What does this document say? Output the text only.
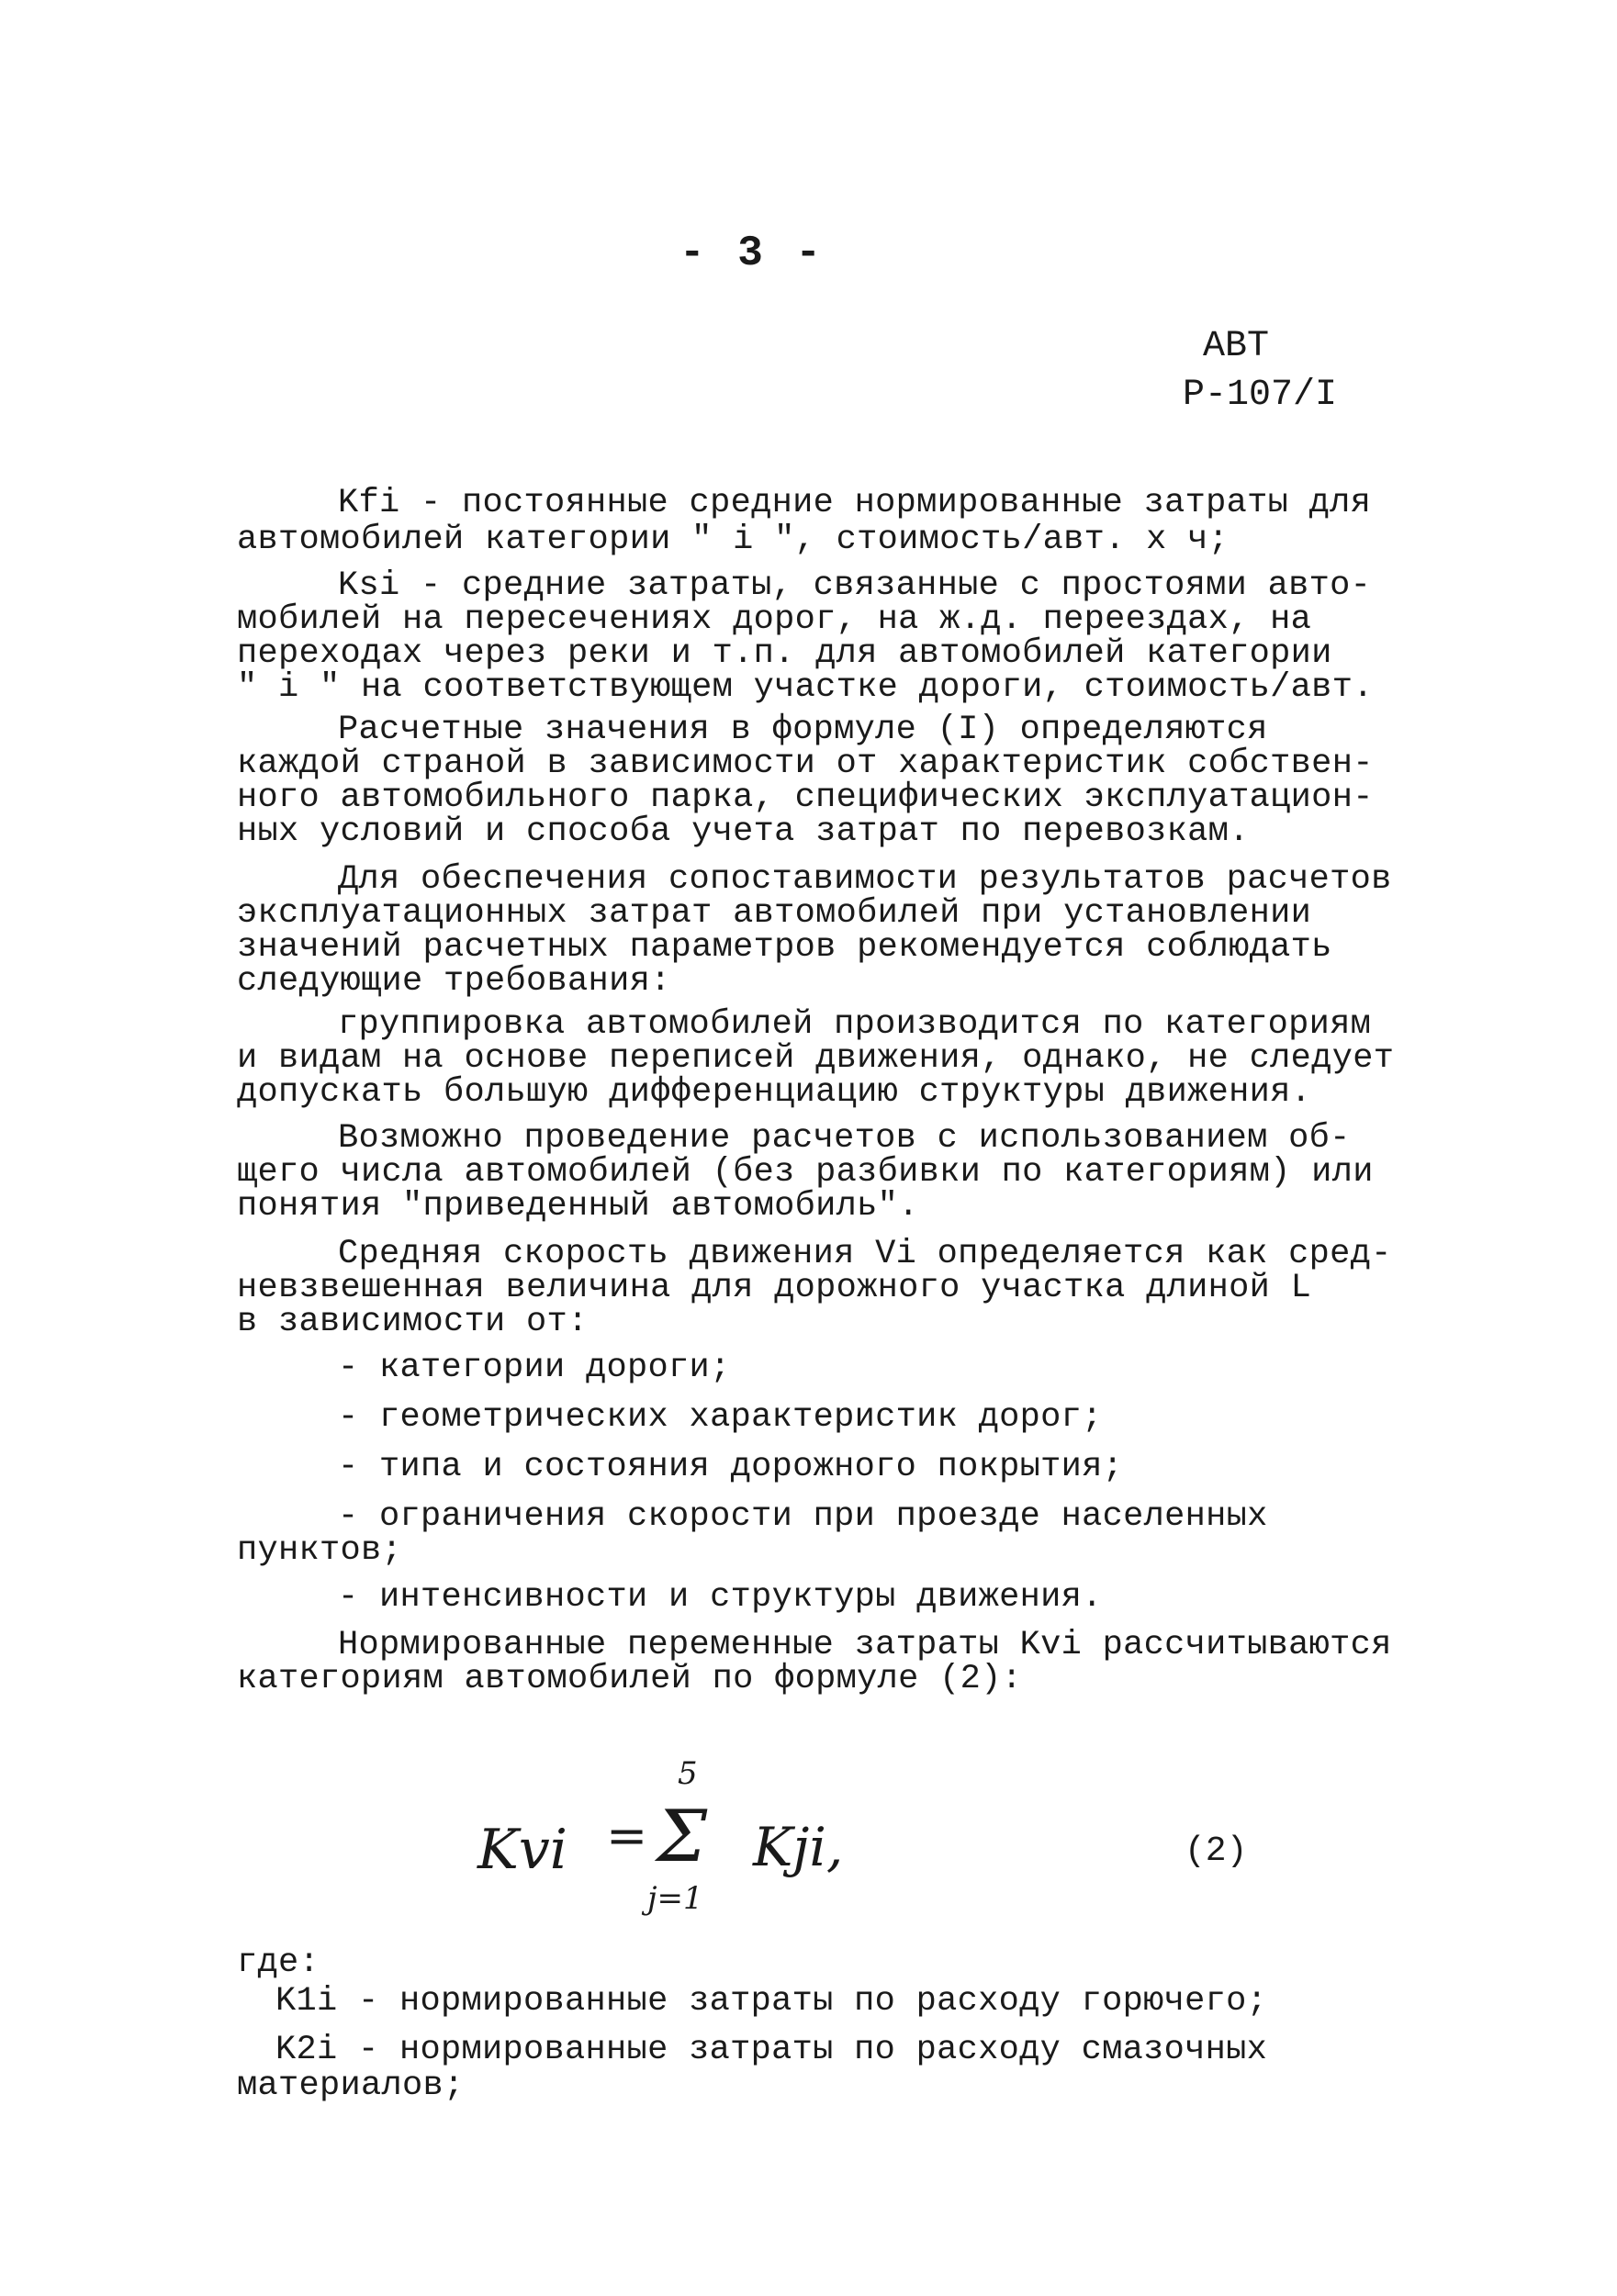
- 3 -
АВТ
Р-107/I
Kfi - постоянные средние нормированные затраты для
автомобилей категории " i ", стоимость/авт. x ч;
Ksi - средние затраты, связанные с простоями авто-
мобилей на пересечениях дорог, на ж.д. переездах, на
переходах через реки и т.п. для автомобилей категории
" i " на соответствующем участке дороги, стоимость/авт.
Расчетные значения в формуле (I) определяются
каждой страной в зависимости от характеристик собствен-
ного автомобильного парка, специфических эксплуатацион-
ных условий и способа учета затрат по перевозкам.
Для обеспечения сопоставимости результатов расчетов
эксплуатационных затрат автомобилей при установлении
значений расчетных параметров рекомендуется соблюдать
следующие требования:
группировка автомобилей производится по категориям
и видам на основе переписей движения, однако, не следует
допускать большую дифференциацию структуры движения.
Возможно проведение расчетов с использованием об-
щего числа автомобилей (без разбивки по категориям) или
понятия "приведенный автомобиль".
Средняя скорость движения Vi определяется как сред-
невзвешенная величина для дорожного участка длиной L
в зависимости от:
- категории дороги;
- геометрических характеристик дорог;
- типа и состояния дорожного покрытия;
- ограничения скорости при проезде населенных
пунктов;
- интенсивности и структуры движения.
Нормированные переменные затраты Kvi рассчитываются
категориям автомобилей по формуле (2):
Kvi =
5
Σ
j=1
Kji,	(2)
где:
K1i - нормированные затраты по расходу горючего;
K2i - нормированные затраты по расходу смазочных
материалов;
